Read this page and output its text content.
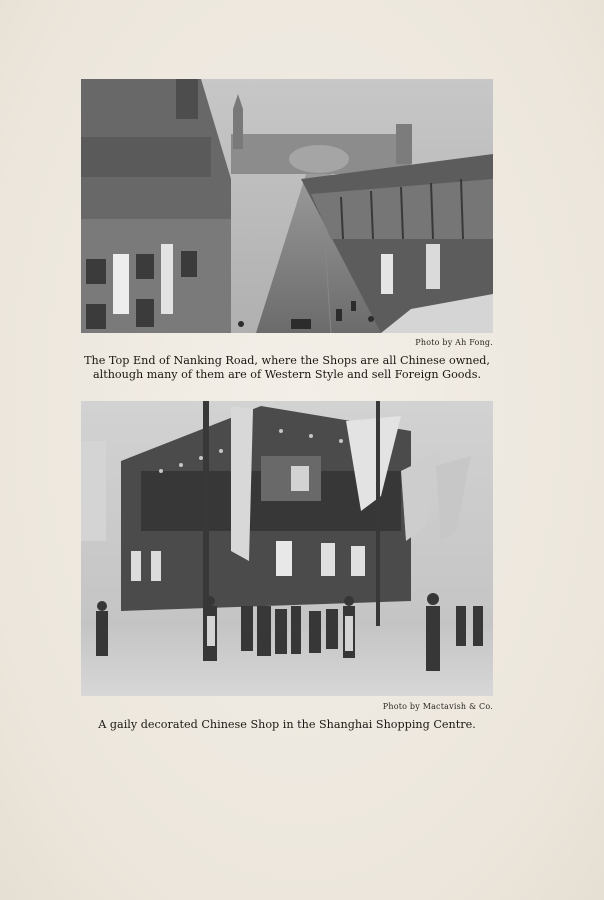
Photo by Ah Fong.
The Top End of Nanking Road, where the Shops are all Chinese owned,
although many of them are of Western Style and sell Foreign Goods.
Photo by Mactavish & Co.
A gaily decorated Chinese Shop in the Shanghai Shopping Centre.
